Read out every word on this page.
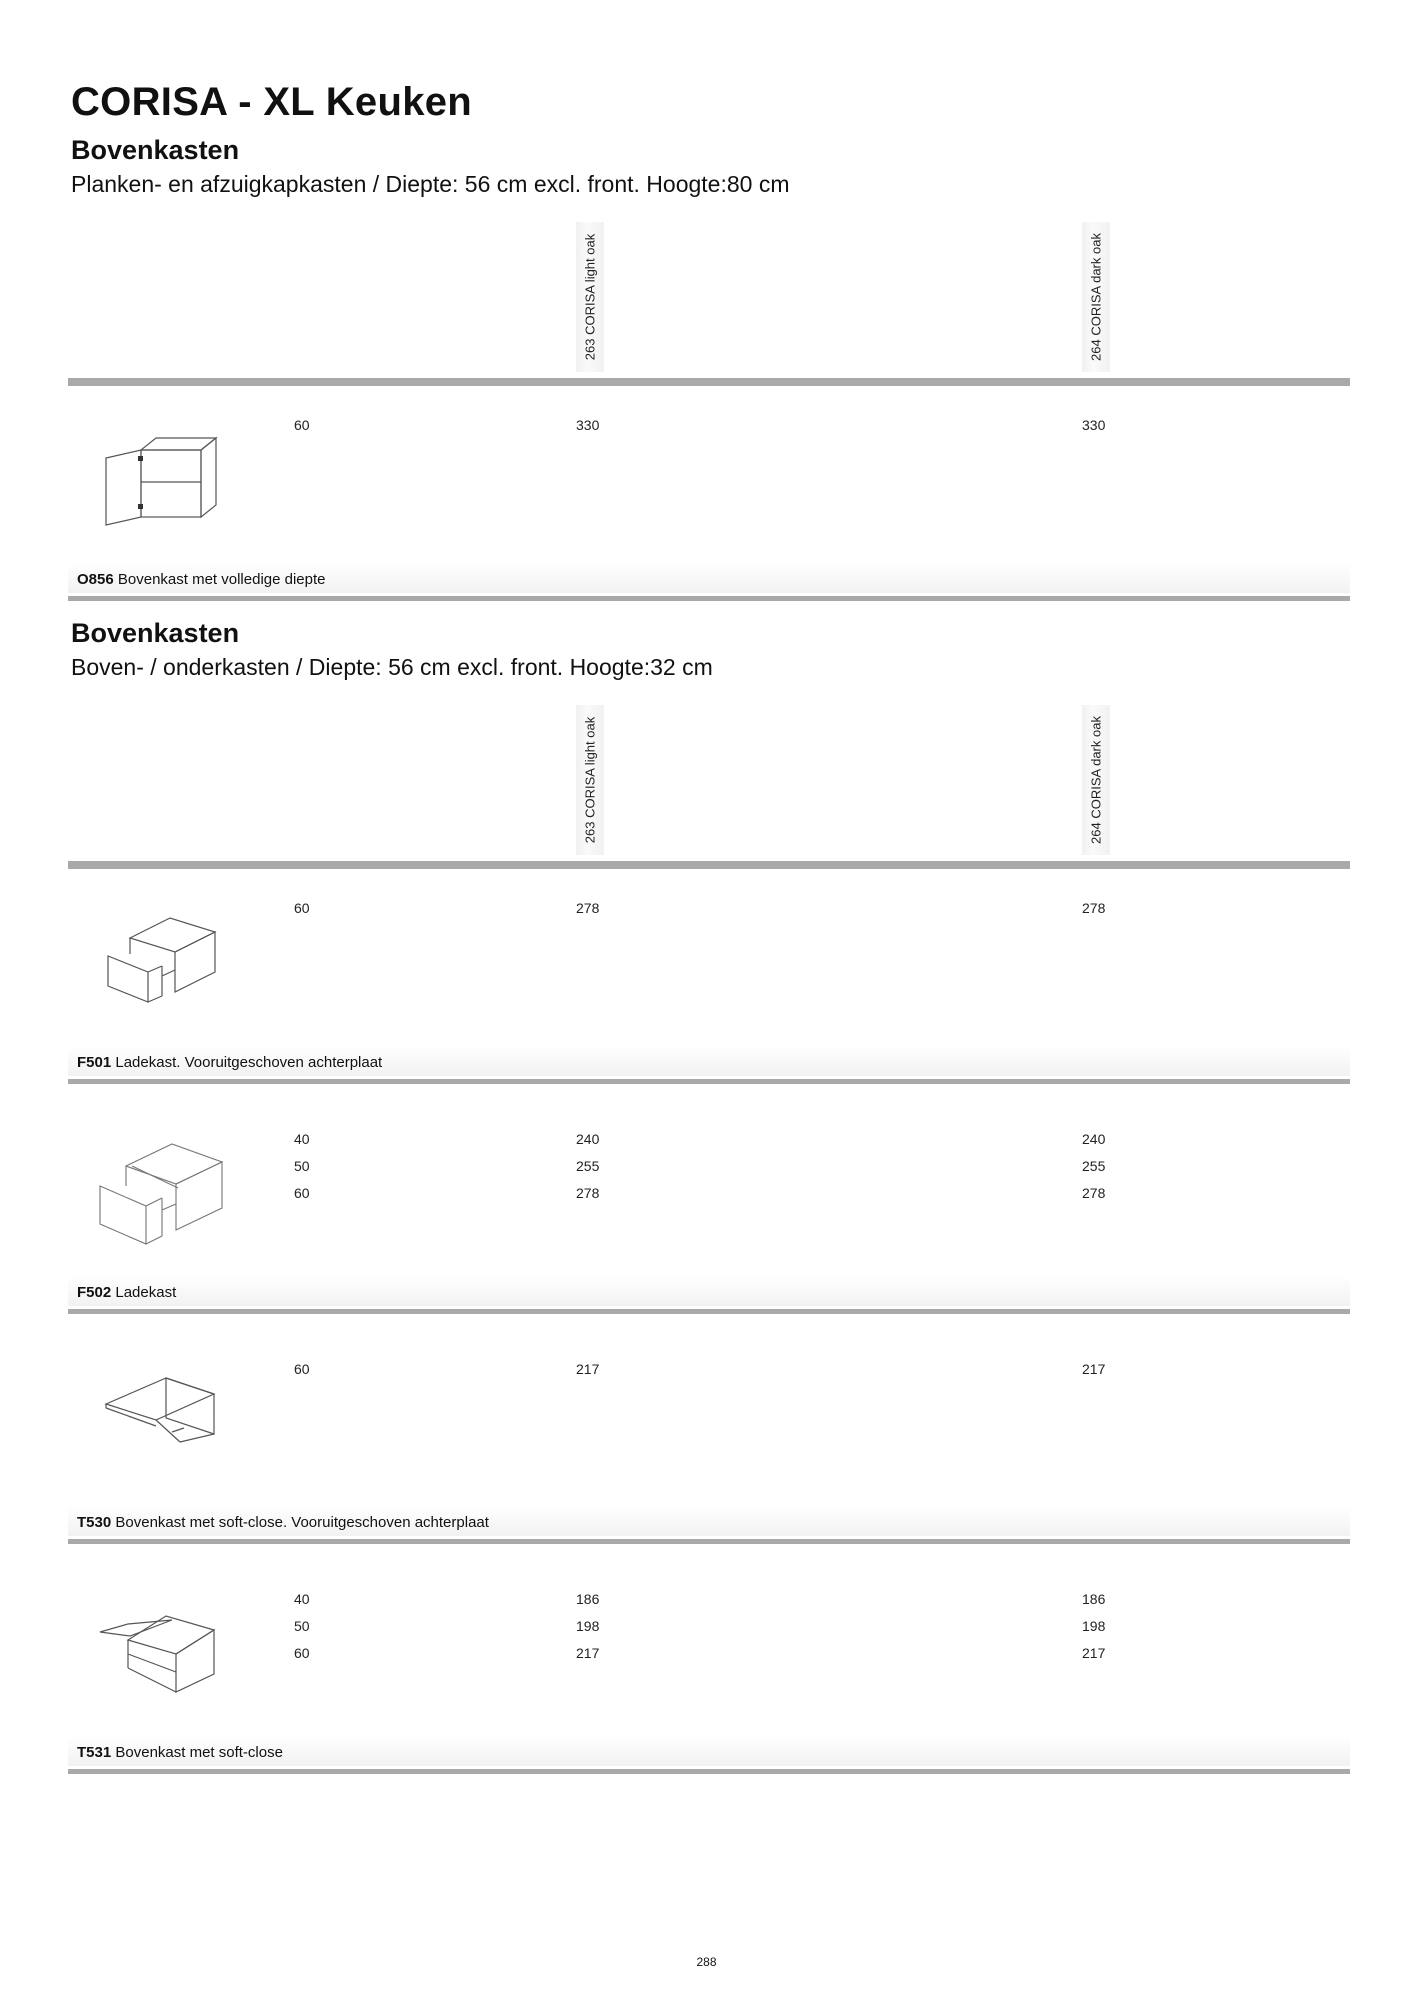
CORISA - XL Keuken
Bovenkasten
Planken- en afzuigkapkasten / Diepte: 56 cm excl. front. Hoogte:80 cm
263 CORISA light oak	264 CORISA dark oak
60	330	330
O856 Bovenkast met volledige diepte
Bovenkasten
Boven- / onderkasten / Diepte: 56 cm excl. front. Hoogte:32 cm
263 CORISA light oak	264 CORISA dark oak
60	278	278
F501 Ladekast. Vooruitgeschoven achterplaat
40	240	240
50	255	255
60	278	278
F502 Ladekast
60	217	217
T530 Bovenkast met soft-close. Vooruitgeschoven achterplaat
40	186	186
50	198	198
60	217	217
T531 Bovenkast met soft-close
288
